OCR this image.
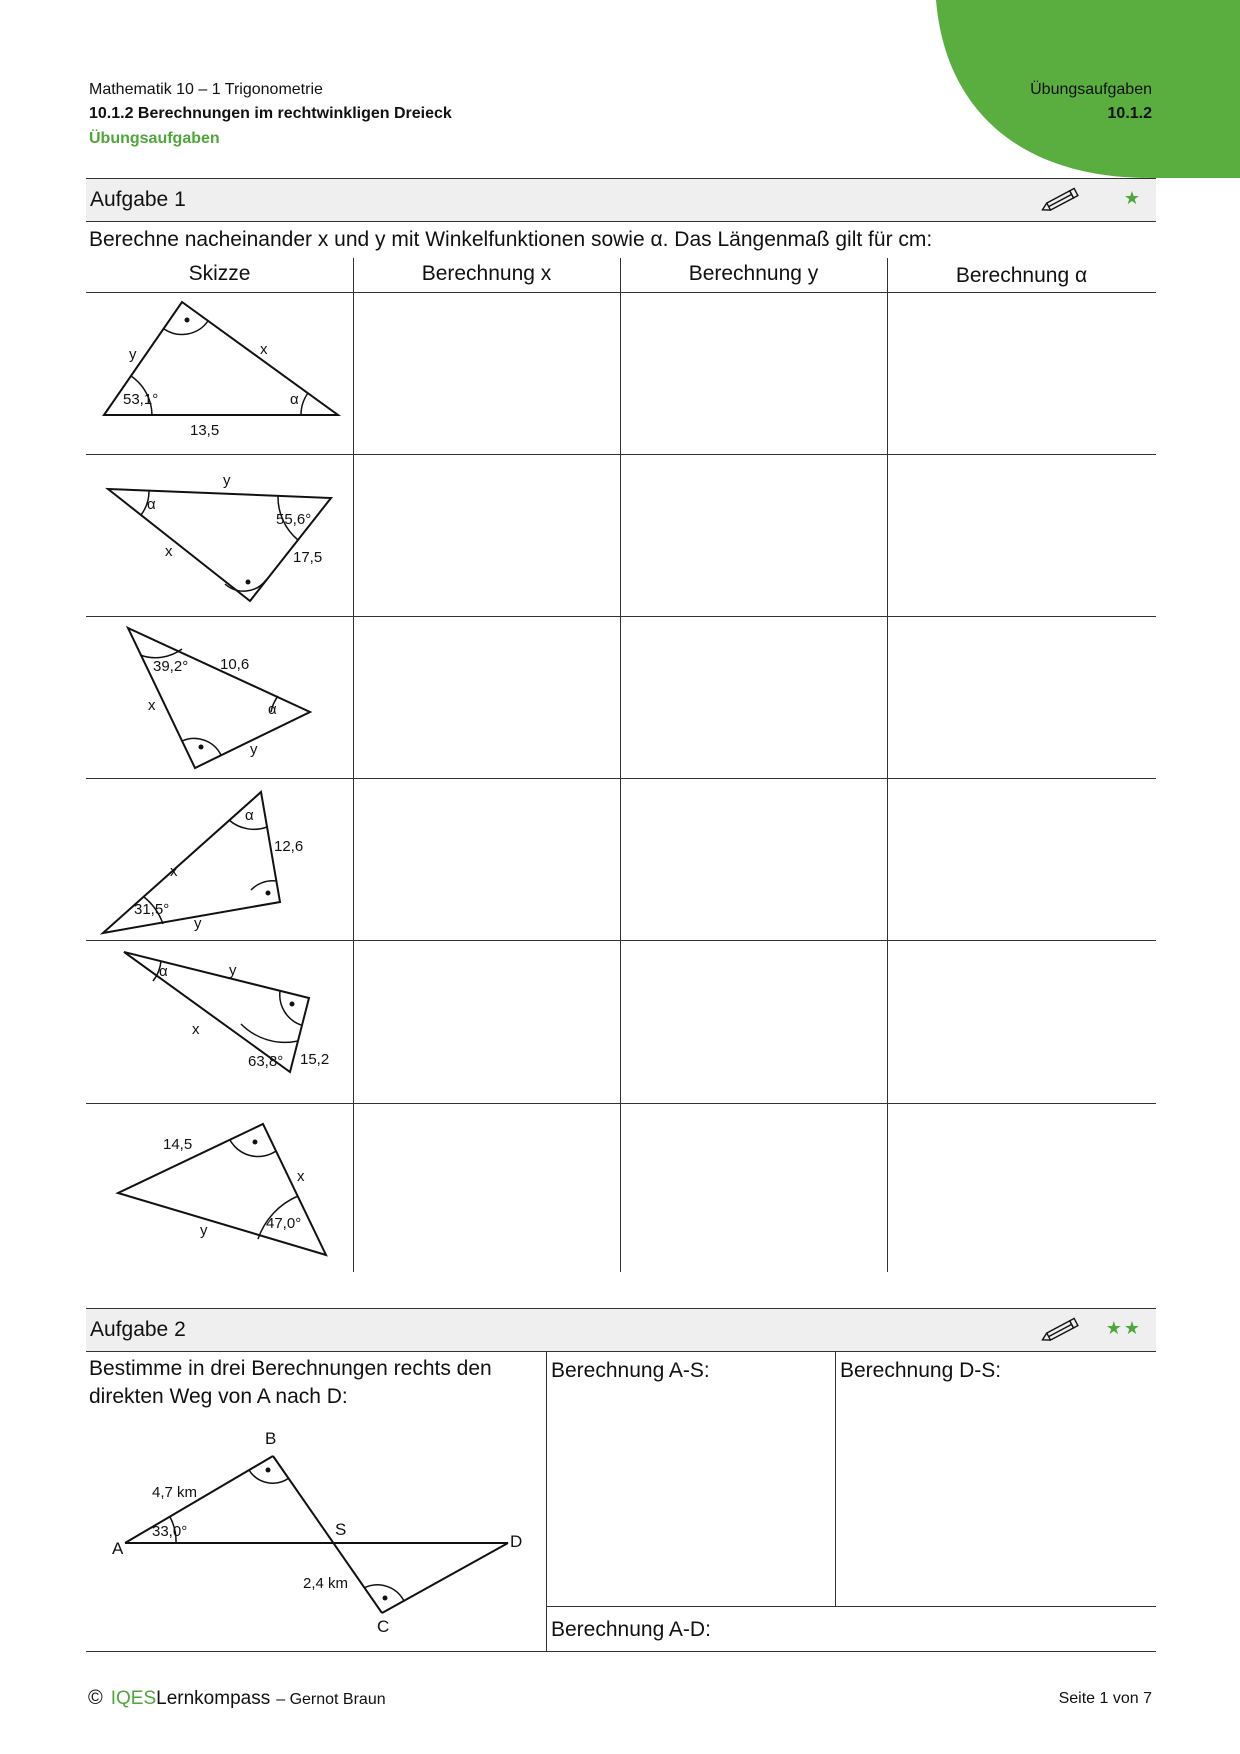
Mathematik 10 – 1 Trigonometrie
10.1.2 Berechnungen im rechtwinkligen Dreieck
Übungsaufgaben
Übungsaufgaben
10.1.2
Aufgabe 1	★
Berechne nacheinander x und y mit Winkelfunktionen sowie α. Das Längenmaß gilt für cm:
Skizze	Berechnung x	Berechnung y	Berechnung α
53,1°
13,5
y	x
α
α
y
55,6°
x	17,5
39,2° 10,6
x	α
y
α
12,6
x
31,5°
y
α	y
x
63,8° 15,2
14,5
x
47,0°
y
Aufgabe 2	★★
Bestimme in drei Berechnungen rechts den direkten Weg von A nach D:
Berechnung A-S:	Berechnung D-S:
Berechnung A-D:
B
A
S
D
C
4,7 km
33,0°
2,4 km
© IQES Lernkompass – Gernot Braun	Seite 1 von 7
